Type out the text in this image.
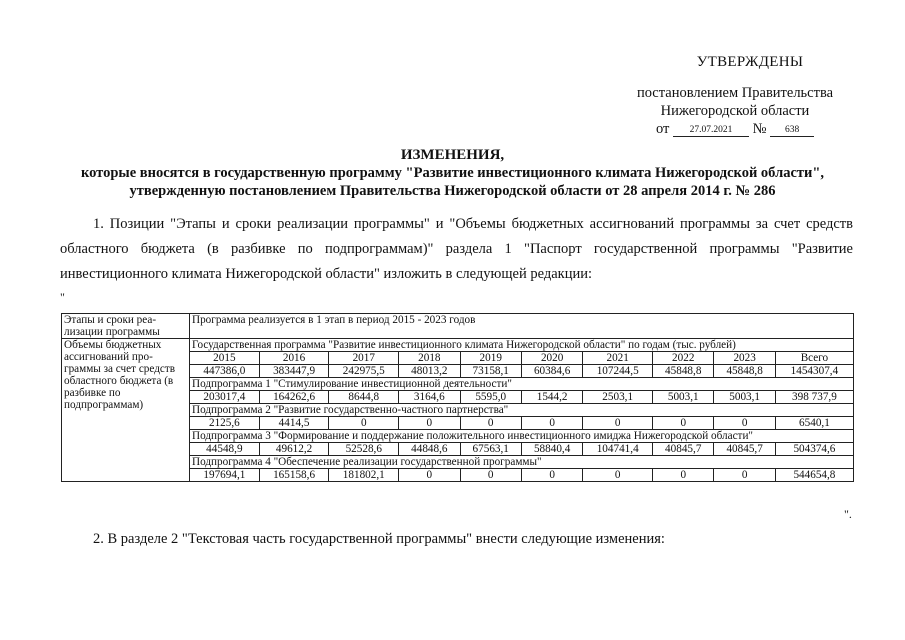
УТВЕРЖДЕНЫ
постановлением Правительства
Нижегородской области
от 27.07.2021 № 638
ИЗМЕНЕНИЯ,
которые вносятся в государственную программу "Развитие инвестиционного климата Нижегородской области",
утвержденную постановлением Правительства Нижегородской области от 28 апреля 2014 г. № 286
1. Позиции "Этапы и сроки реализации программы" и "Объемы бюджетных ассигнований программы за счет средств областного бюджета (в разбивке по подпрограммам)" раздела 1 "Паспорт государственной программы "Развитие инвестиционного климата Нижегородской области" изложить в следующей редакции:
"
Этапы и сроки реа-лизации программы	Программа реализуется в 1 этап в период 2015 - 2023 годов									
Объемы бюджетных ассигнований про-граммы за счет средств областного бюджета (в разбивке по подпрограммам)	Государственная программа "Развитие инвестиционного климата Нижегородской области" по годам (тыс. рублей)									
	2015	2016	2017	2018	2019	2020	2021	2022	2023	Всего
	447386,0	383447,9	242975,5	48013,2	73158,1	60384,6	107244,5	45848,8	45848,8	1454307,4
	Подпрограмма 1 "Стимулирование инвестиционной деятельности"									
	203017,4	164262,6	8644,8	3164,6	5595,0	1544,2	2503,1	5003,1	5003,1	398 737,9
	Подпрограмма 2 "Развитие государственно-частного партнерства"									
	2125,6	4414,5	0	0	0	0	0	0	0	6540,1
	Подпрограмма 3 "Формирование и поддержание положительного инвестиционного имиджа Нижегородской области"									
	44548,9	49612,2	52528,6	44848,6	67563,1	58840,4	104741,4	40845,7	40845,7	504374,6
	Подпрограмма 4 "Обеспечение реализации государственной программы"									
	197694,1	165158,6	181802,1	0	0	0	0	0	0	544654,8
".
2. В разделе 2 "Текстовая часть государственной программы" внести следующие изменения:
